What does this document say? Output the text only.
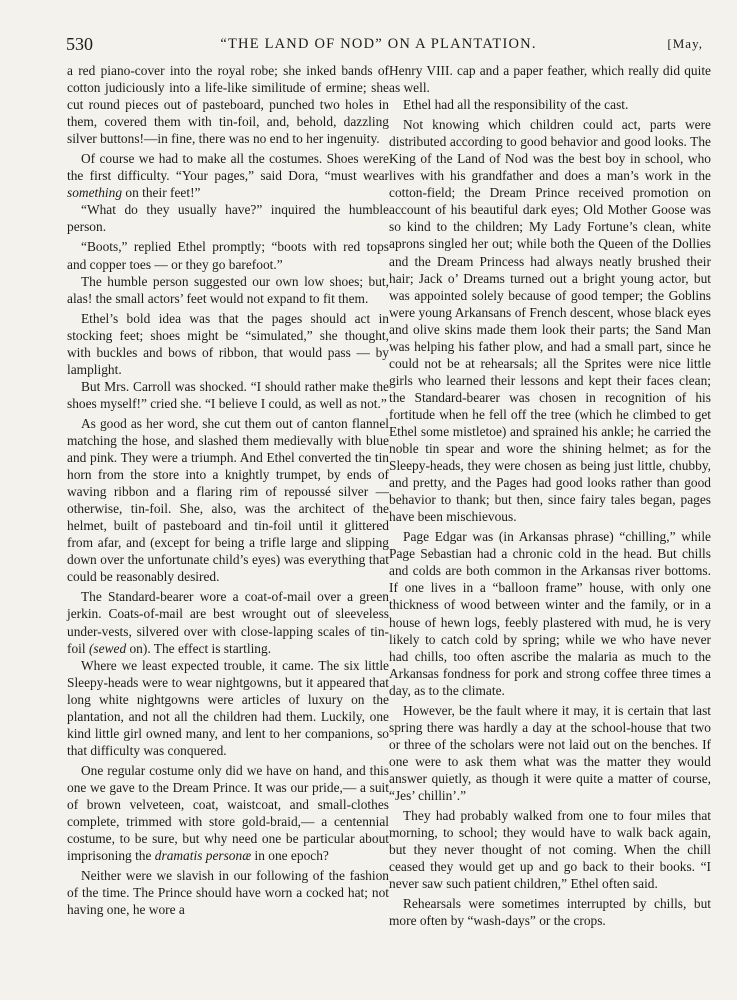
530	“THE LAND OF NOD” ON A PLANTATION.	[May,

a red piano-cover into the royal robe; she inked bands of cotton judiciously into a life-like similitude of ermine; she cut round pieces out of pasteboard, punched two holes in them, covered them with tin-foil, and, behold, dazzling silver buttons!—in fine, there was no end to her ingenuity.

Of course we had to make all the costumes. Shoes were the first difficulty. “Your pages,” said Dora, “must wear something on their feet!”

“What do they usually have?” inquired the humble person.

“Boots,” replied Ethel promptly; “boots with red tops and copper toes — or they go barefoot.”

The humble person suggested our own low shoes; but, alas! the small actors’ feet would not expand to fit them.

Ethel’s bold idea was that the pages should act in stocking feet; shoes might be “simulated,” she thought, with buckles and bows of ribbon, that would pass — by lamplight.

But Mrs. Carroll was shocked. “I should rather make the shoes myself!” cried she. “I believe I could, as well as not.”

As good as her word, she cut them out of canton flannel matching the hose, and slashed them medievally with blue and pink. They were a triumph. And Ethel converted the tin horn from the store into a knightly trumpet, by ends of waving ribbon and a flaring rim of repoussé silver — otherwise, tin-foil. She, also, was the architect of the helmet, built of pasteboard and tin-foil until it glittered from afar, and (except for being a trifle large and slipping down over the unfortunate child’s eyes) was everything that could be reasonably desired.

The Standard-bearer wore a coat-of-mail over a green jerkin. Coats-of-mail are best wrought out of sleeveless under-vests, silvered over with close-lapping scales of tin-foil (sewed on). The effect is startling.

Where we least expected trouble, it came. The six little Sleepy-heads were to wear nightgowns, but it appeared that long white nightgowns were articles of luxury on the plantation, and not all the children had them. Luckily, one kind little girl owned many, and lent to her companions, so that difficulty was conquered.

One regular costume only did we have on hand, and this one we gave to the Dream Prince. It was our pride,— a suit of brown velveteen, coat, waistcoat, and small-clothes complete, trimmed with store gold-braid,— a centennial costume, to be sure, but why need one be particular about imprisoning the dramatis personæ in one epoch?

Neither were we slavish in our following of the fashion of the time. The Prince should have worn a cocked hat; not having one, he wore a

Henry VIII. cap and a paper feather, which really did quite as well.

Ethel had all the responsibility of the cast.

Not knowing which children could act, parts were distributed according to good behavior and good looks. The King of the Land of Nod was the best boy in school, who lives with his grandfather and does a man’s work in the cotton-field; the Dream Prince received promotion on account of his beautiful dark eyes; Old Mother Goose was so kind to the children; My Lady Fortune’s clean, white aprons singled her out; while both the Queen of the Dollies and the Dream Princess had always neatly brushed their hair; Jack o’ Dreams turned out a bright young actor, but was appointed solely because of good temper; the Goblins were young Arkansans of French descent, whose black eyes and olive skins made them look their parts; the Sand Man was helping his father plow, and had a small part, since he could not be at rehearsals; all the Sprites were nice little girls who learned their lessons and kept their faces clean; the Standard-bearer was chosen in recognition of his fortitude when he fell off the tree (which he climbed to get Ethel some mistletoe) and sprained his ankle; he carried the noble tin spear and wore the shining helmet; as for the Sleepy-heads, they were chosen as being just little, chubby, and pretty, and the Pages had good looks rather than good behavior to thank; but then, since fairy tales began, pages have been mischievous.

Page Edgar was (in Arkansas phrase) “chilling,” while Page Sebastian had a chronic cold in the head. But chills and colds are both common in the Arkansas river bottoms. If one lives in a “balloon frame” house, with only one thickness of wood between winter and the family, or in a house of hewn logs, feebly plastered with mud, he is very likely to catch cold by spring; while we who have never had chills, too often ascribe the malaria as much to the Arkansas fondness for pork and strong coffee three times a day, as to the climate.

However, be the fault where it may, it is certain that last spring there was hardly a day at the school-house that two or three of the scholars were not laid out on the benches. If one were to ask them what was the matter they would answer quietly, as though it were quite a matter of course, “Jes’ chillin’.”

They had probably walked from one to four miles that morning, to school; they would have to walk back again, but they never thought of not coming. When the chill ceased they would get up and go back to their books. “I never saw such patient children,” Ethel often said.

Rehearsals were sometimes interrupted by chills, but more often by “wash-days” or the crops.
